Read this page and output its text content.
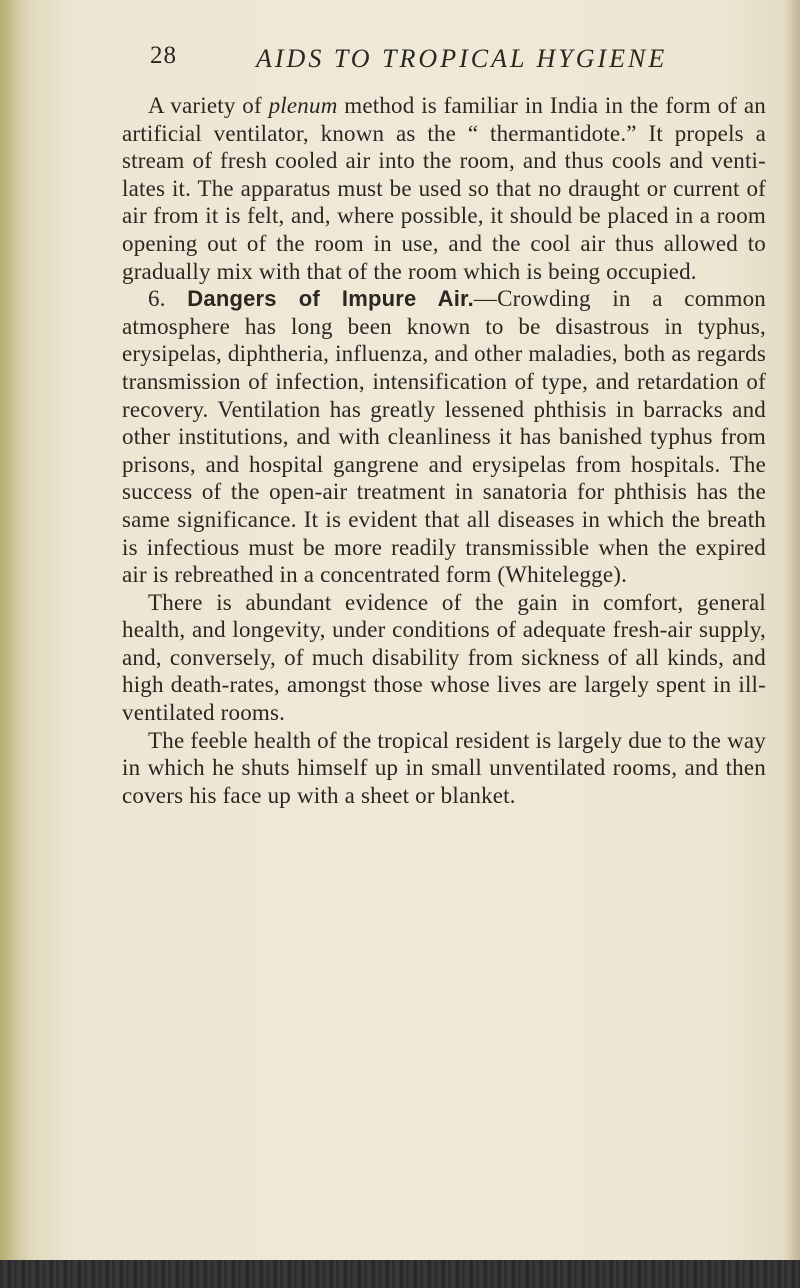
28	AIDS TO TROPICAL HYGIENE

A variety of plenum method is familiar in India in the form of an artificial ventilator, known as the “ thermantidote.” It propels a stream of fresh cooled air into the room, and thus cools and venti-lates it. The apparatus must be used so that no draught or current of air from it is felt, and, where possible, it should be placed in a room opening out of the room in use, and the cool air thus allowed to gradually mix with that of the room which is being occupied.

6. Dangers of Impure Air.—Crowding in a common atmosphere has long been known to be disastrous in typhus, erysipelas, diphtheria, influenza, and other maladies, both as regards transmission of infection, intensification of type, and retardation of recovery. Ventilation has greatly lessened phthisis in barracks and other institutions, and with cleanliness it has banished typhus from prisons, and hospital gangrene and erysipelas from hospitals. The success of the open-air treatment in sanatoria for phthisis has the same significance. It is evident that all diseases in which the breath is infectious must be more readily transmissible when the expired air is rebreathed in a concentrated form (Whitelegge).

There is abundant evidence of the gain in comfort, general health, and longevity, under conditions of adequate fresh-air supply, and, conversely, of much disability from sickness of all kinds, and high death-rates, amongst those whose lives are largely spent in ill-ventilated rooms.

The feeble health of the tropical resident is largely due to the way in which he shuts himself up in small unventilated rooms, and then covers his face up with a sheet or blanket.
